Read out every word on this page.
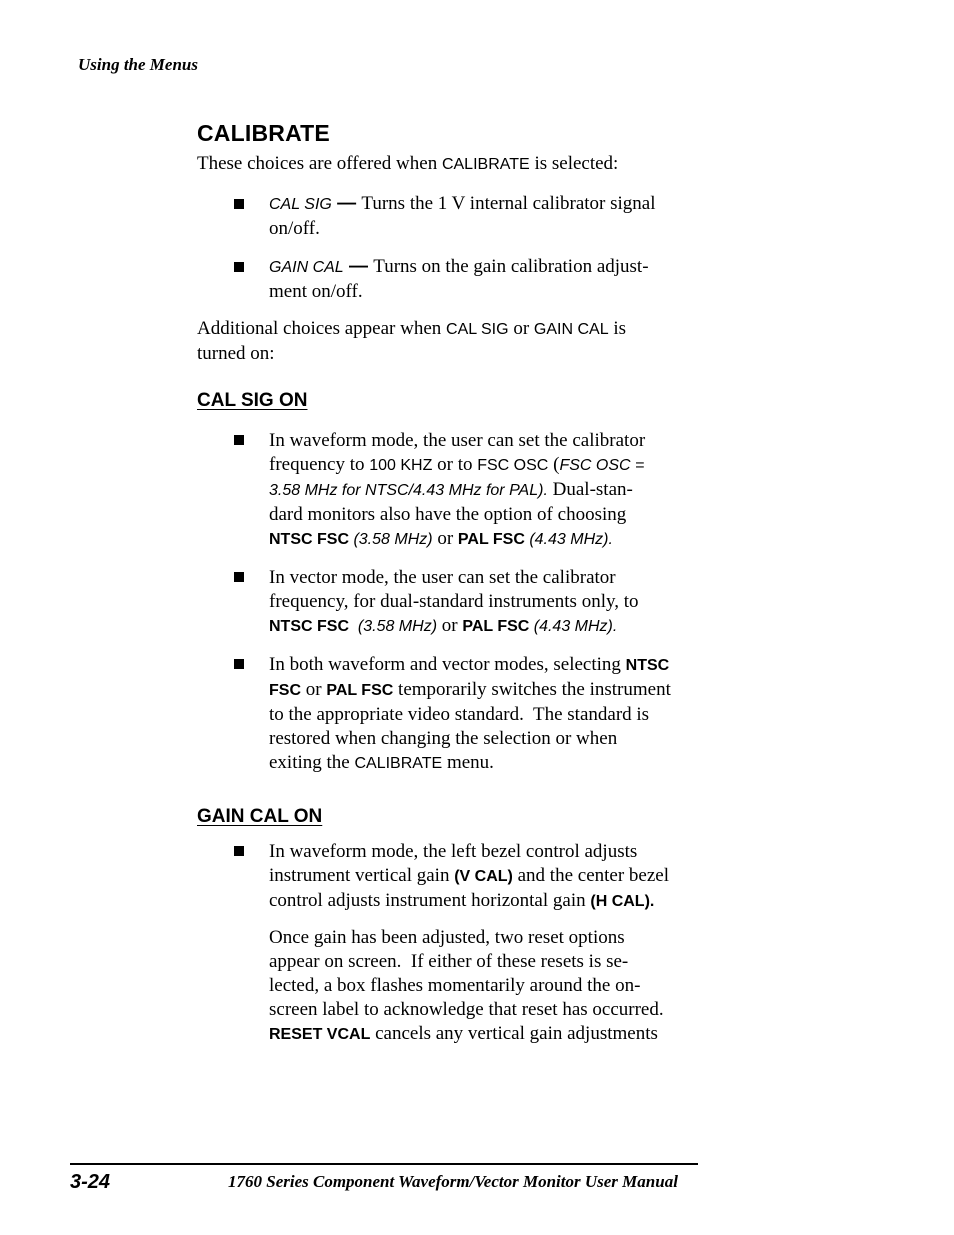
Using the Menus
CALIBRATE
These choices are offered when CALIBRATE is selected:
CAL SIG — Turns the 1 V internal calibrator signal
on/off.
GAIN CAL — Turns on the gain calibration adjust-
ment on/off.
Additional choices appear when CAL SIG or GAIN CAL is
turned on:
CAL SIG ON
In waveform mode, the user can set the calibrator
frequency to 100 KHZ or to FSC OSC (FSC OSC =
3.58 MHz for NTSC/4.43 MHz for PAL). Dual-stan-
dard monitors also have the option of choosing
NTSC FSC (3.58 MHz) or PAL FSC (4.43 MHz).
In vector mode, the user can set the calibrator
frequency, for dual-standard instruments only, to
NTSC FSC  (3.58 MHz) or PAL FSC (4.43 MHz).
In both waveform and vector modes, selecting NTSC
FSC or PAL FSC temporarily switches the instrument
to the appropriate video standard.  The standard is
restored when changing the selection or when
exiting the CALIBRATE menu.
GAIN CAL ON
In waveform mode, the left bezel control adjusts
instrument vertical gain (V CAL) and the center bezel
control adjusts instrument horizontal gain (H CAL).
Once gain has been adjusted, two reset options
appear on screen.  If either of these resets is se-
lected, a box flashes momentarily around the on-
screen label to acknowledge that reset has occurred.
RESET VCAL cancels any vertical gain adjustments
3-24	1760 Series Component Waveform/Vector Monitor User Manual
